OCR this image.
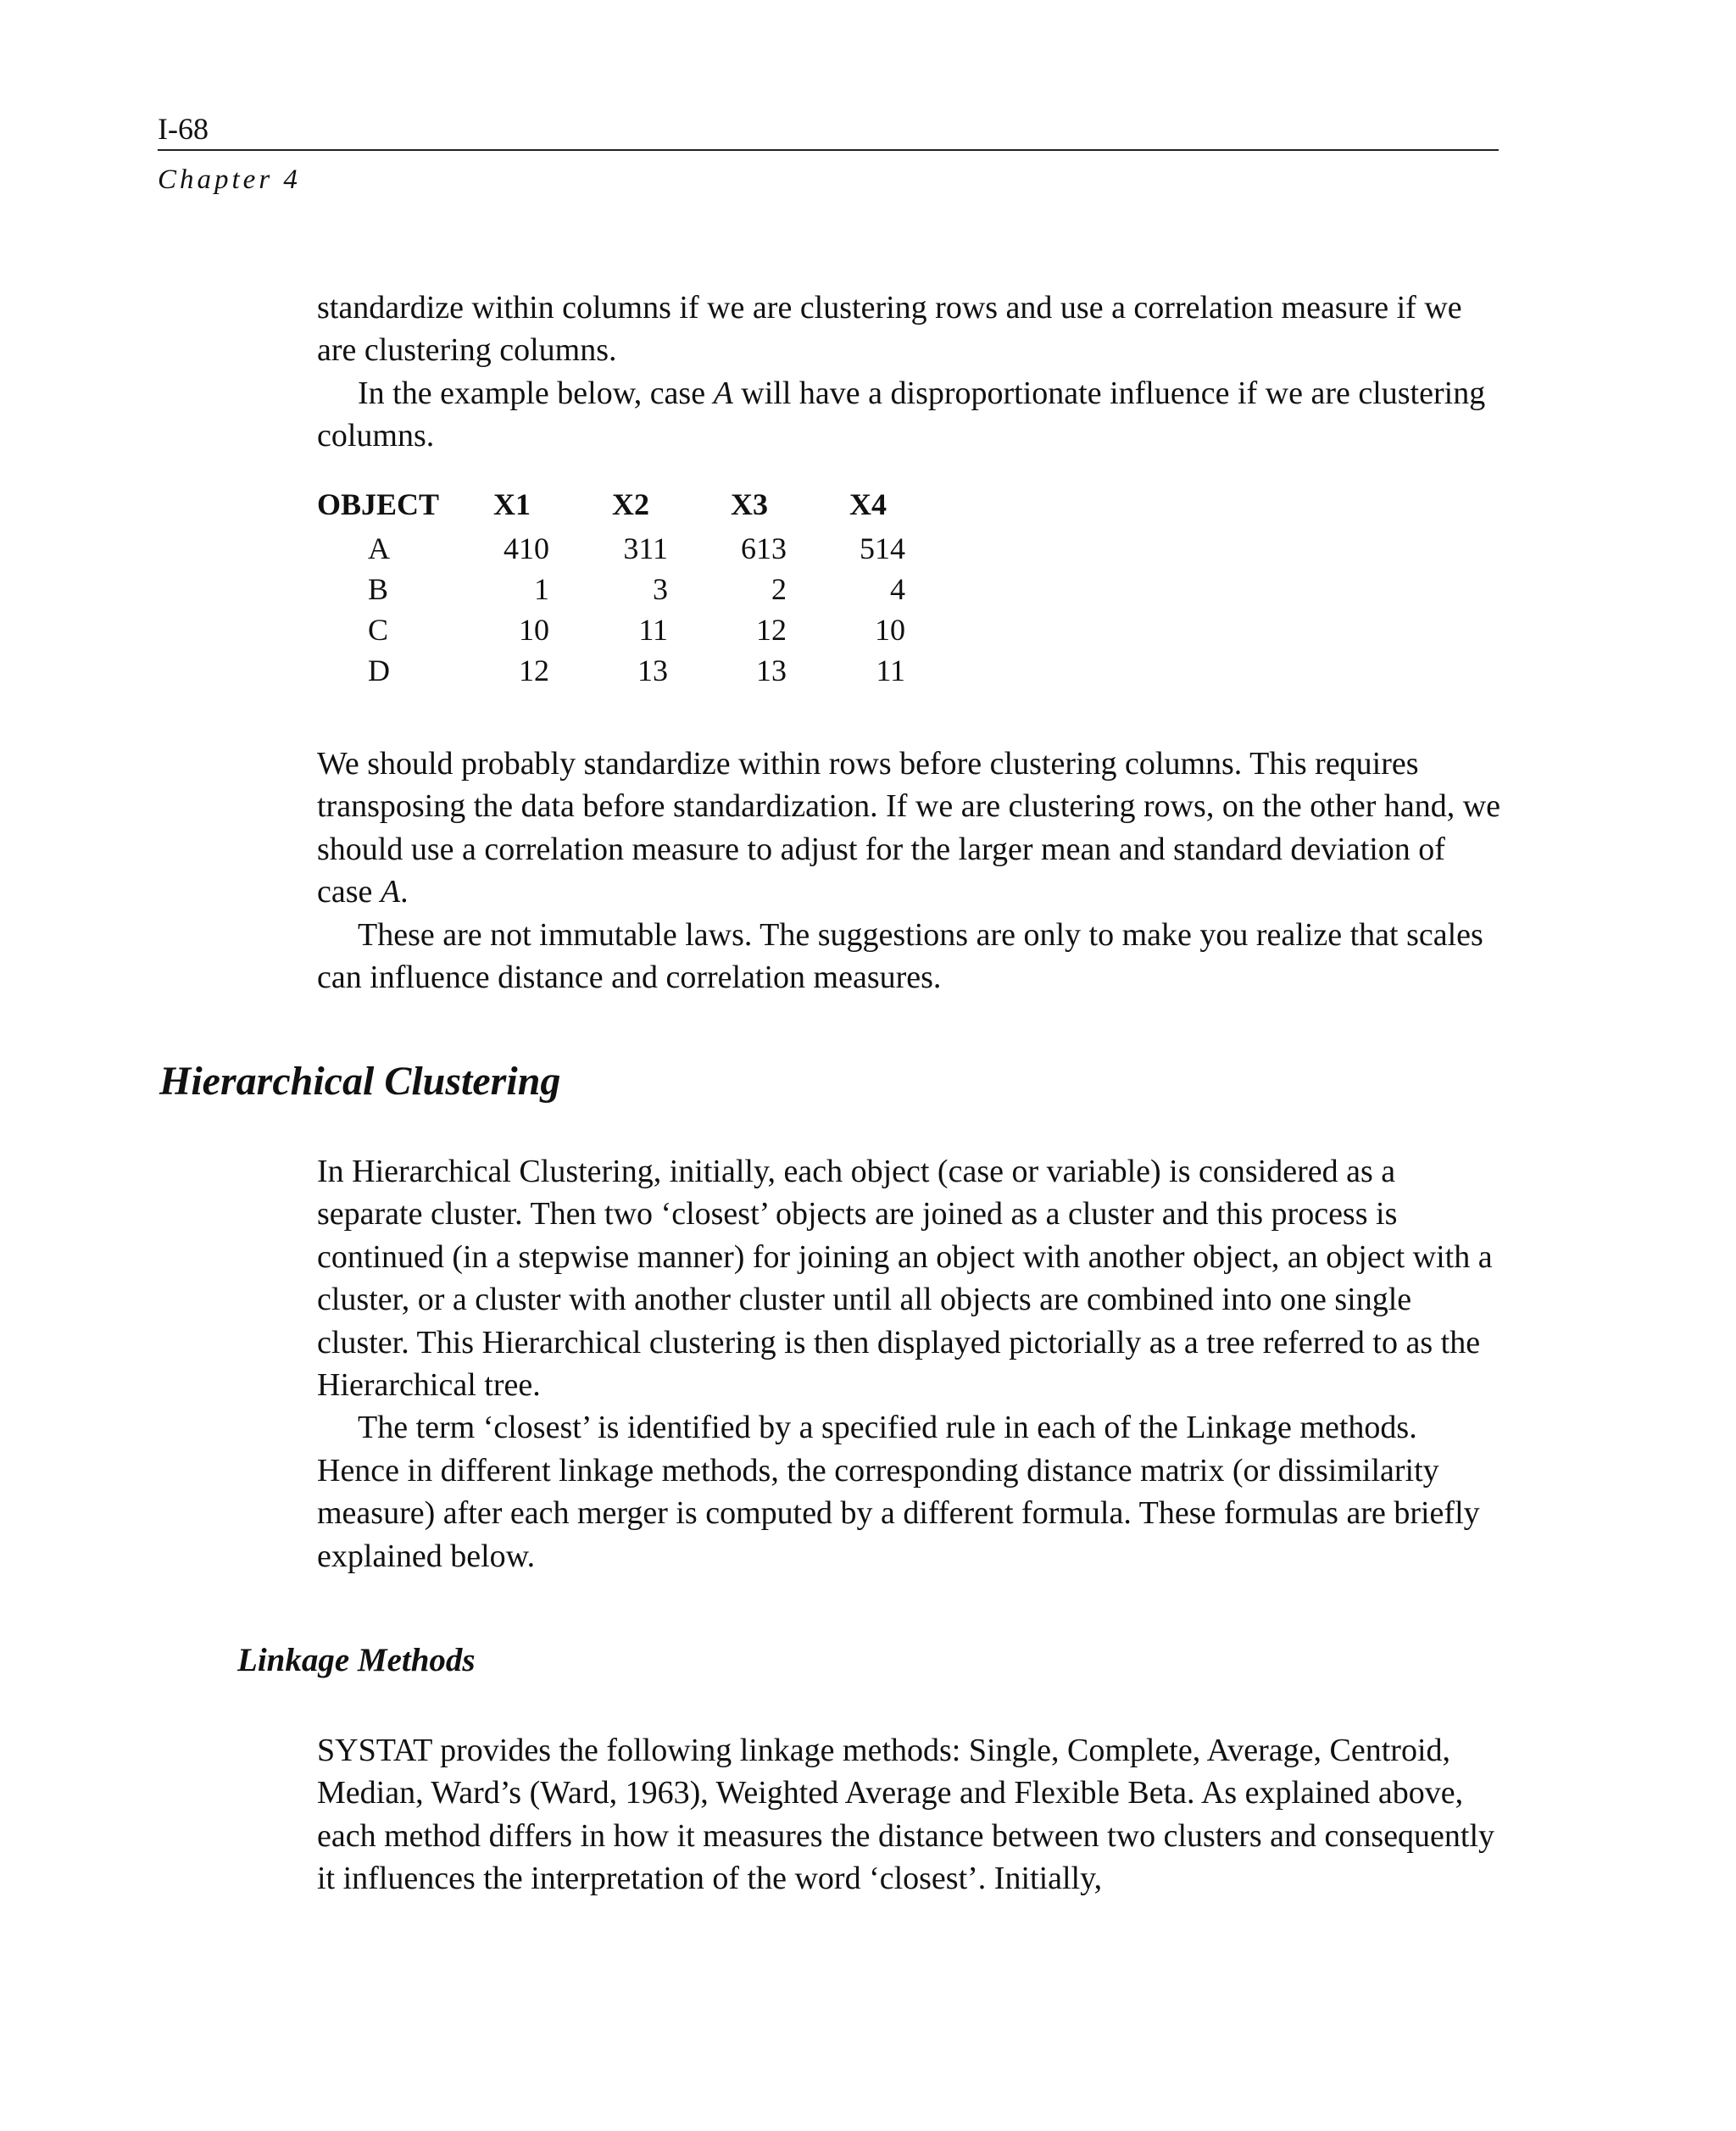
I-68
Chapter 4

standardize within columns if we are clustering rows and use a correlation measure if we are clustering columns.

In the example below, case A will have a disproportionate influence if we are clustering columns.

OBJECT	X1	X2	X3	X4
A	410	311	613	514
B	1	3	2	4
C	10	11	12	10
D	12	13	13	11

We should probably standardize within rows before clustering columns. This requires transposing the data before standardization. If we are clustering rows, on the other hand, we should use a correlation measure to adjust for the larger mean and standard deviation of case A.

These are not immutable laws. The suggestions are only to make you realize that scales can influence distance and correlation measures.

Hierarchical Clustering

In Hierarchical Clustering, initially, each object (case or variable) is considered as a separate cluster. Then two ‘closest’ objects are joined as a cluster and this process is continued (in a stepwise manner) for joining an object with another object, an object with a cluster, or a cluster with another cluster until all objects are combined into one single cluster. This Hierarchical clustering is then displayed pictorially as a tree referred to as the Hierarchical tree.

The term ‘closest’ is identified by a specified rule in each of the Linkage methods. Hence in different linkage methods, the corresponding distance matrix (or dissimilarity measure) after each merger is computed by a different formula. These formulas are briefly explained below.

Linkage Methods

SYSTAT provides the following linkage methods: Single, Complete, Average, Centroid, Median, Ward’s (Ward, 1963), Weighted Average and Flexible Beta. As explained above, each method differs in how it measures the distance between two clusters and consequently it influences the interpretation of the word ‘closest’. Initially,
